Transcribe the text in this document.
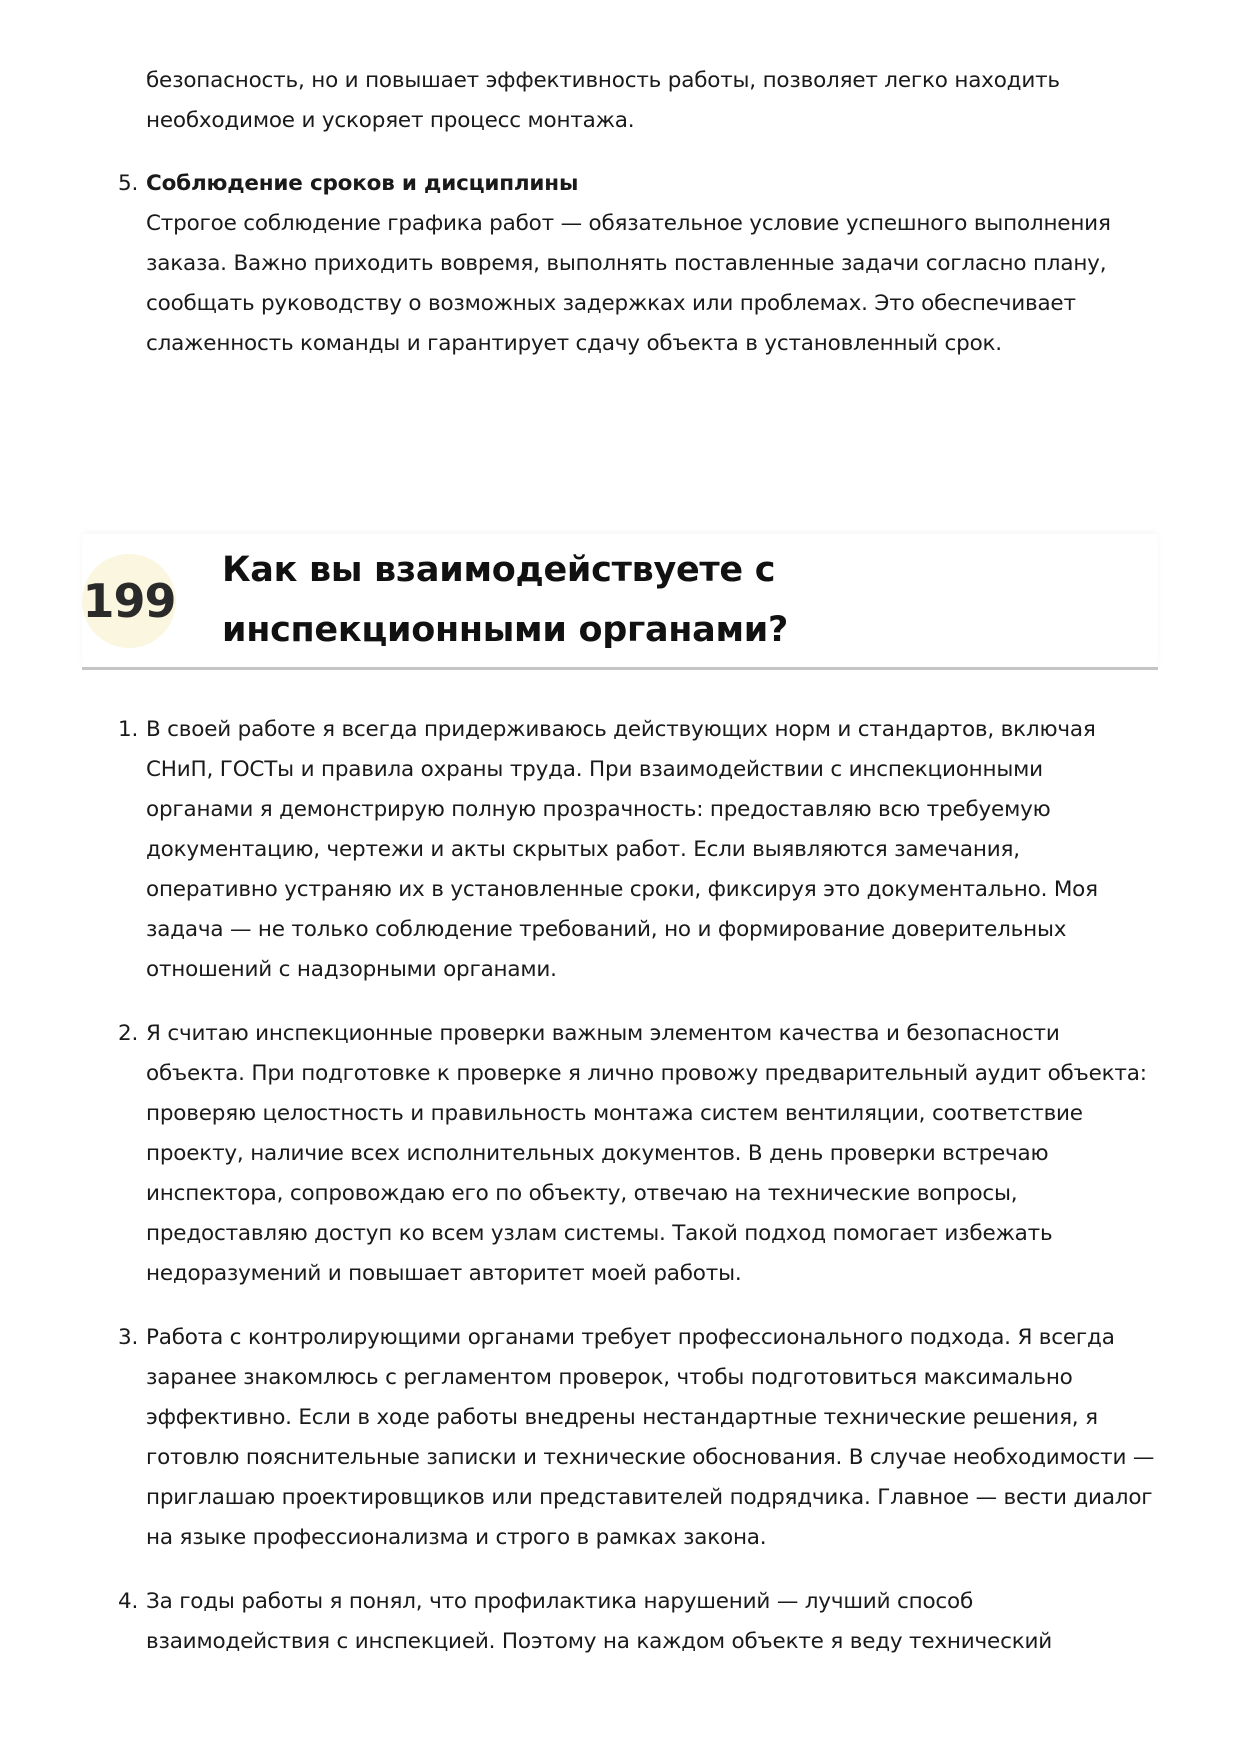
безопасность, но и повышает эффективность работы, позволяет легко находить необходимое и ускоряет процесс монтажа.

5. Соблюдение сроков и дисциплины
Строгое соблюдение графика работ — обязательное условие успешного выполнения заказа. Важно приходить вовремя, выполнять поставленные задачи согласно плану, сообщать руководству о возможных задержках или проблемах. Это обеспечивает слаженность команды и гарантирует сдачу объекта в установленный срок.
199
Как вы взаимодействуете с инспекционными органами?
1. В своей работе я всегда придерживаюсь действующих норм и стандартов, включая СНиП, ГОСТы и правила охраны труда. При взаимодействии с инспекционными органами я демонстрирую полную прозрачность: предоставляю всю требуемую документацию, чертежи и акты скрытых работ. Если выявляются замечания, оперативно устраняю их в установленные сроки, фиксируя это документально. Моя задача — не только соблюдение требований, но и формирование доверительных отношений с надзорными органами.
2. Я считаю инспекционные проверки важным элементом качества и безопасности объекта. При подготовке к проверке я лично провожу предварительный аудит объекта: проверяю целостность и правильность монтажа систем вентиляции, соответствие проекту, наличие всех исполнительных документов. В день проверки встречаю инспектора, сопровождаю его по объекту, отвечаю на технические вопросы, предоставляю доступ ко всем узлам системы. Такой подход помогает избежать недоразумений и повышает авторитет моей работы.
3. Работа с контролирующими органами требует профессионального подхода. Я всегда заранее знакомлюсь с регламентом проверок, чтобы подготовиться максимально эффективно. Если в ходе работы внедрены нестандартные технические решения, я готовлю пояснительные записки и технические обоснования. В случае необходимости — приглашаю проектировщиков или представителей подрядчика. Главное — вести диалог на языке профессионализма и строго в рамках закона.
4. За годы работы я понял, что профилактика нарушений — лучший способ взаимодействия с инспекцией. Поэтому на каждом объекте я веду технический
